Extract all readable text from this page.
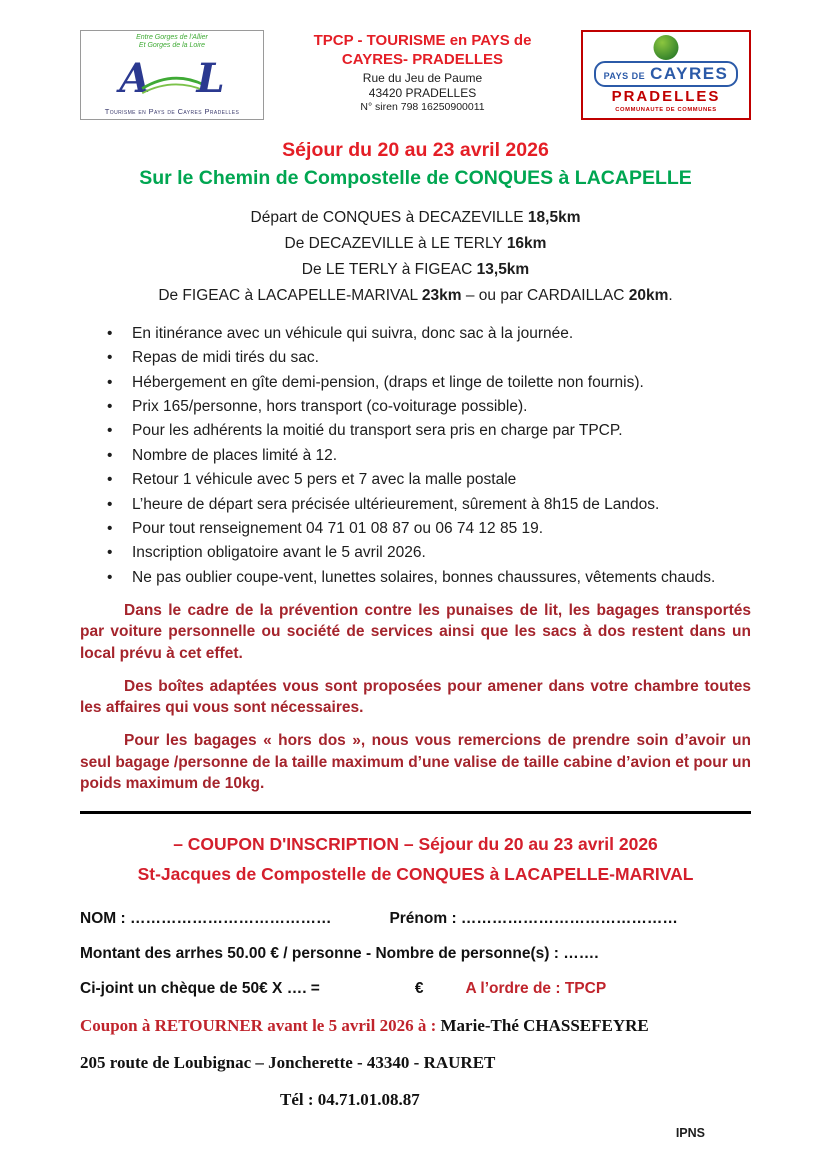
Entre Gorges de l'Allier
Et Gorges de la Loire
A L
Tourisme en Pays de Cayres Pradelles
TPCP - TOURISME en PAYS de
CAYRES- PRADELLES
Rue du Jeu de Paume
43420 PRADELLES
N° siren 798 16250900011
PAYS DE CAYRES
PRADELLES
COMMUNAUTE DE COMMUNES
Séjour du 20 au 23 avril 2026
Sur le Chemin de Compostelle de CONQUES à LACAPELLE
Départ de CONQUES à DECAZEVILLE 18,5km
De DECAZEVILLE à LE TERLY 16km
De LE TERLY à FIGEAC 13,5km
De FIGEAC à LACAPELLE-MARIVAL 23km – ou par CARDAILLAC 20km.
• En itinérance avec un véhicule qui suivra, donc sac à la journée.
• Repas de midi tirés du sac.
• Hébergement en gîte demi-pension, (draps et linge de toilette non fournis).
• Prix 165/personne, hors transport (co-voiturage possible).
• Pour les adhérents la moitié du transport sera pris en charge par TPCP.
• Nombre de places limité à 12.
• Retour 1 véhicule avec 5 pers et 7 avec la malle postale
• L’heure de départ sera précisée ultérieurement, sûrement à 8h15 de Landos.
• Pour tout renseignement 04 71 01 08 87 ou 06 74 12 85 19.
• Inscription obligatoire avant le 5 avril 2026.
• Ne pas oublier coupe-vent, lunettes solaires, bonnes chaussures, vêtements chauds.

Dans le cadre de la prévention contre les punaises de lit, les bagages transportés par voiture personnelle ou société de services ainsi que les sacs à dos restent dans un local prévu à cet effet.

Des boîtes adaptées vous sont proposées pour amener dans votre chambre toutes les affaires qui vous sont nécessaires.

Pour les bagages « hors dos », nous vous remercions de prendre soin d’avoir un seul bagage /personne de la taille maximum d’une valise de taille cabine d’avion et pour un poids maximum de 10kg.

– COUPON D'INSCRIPTION – Séjour du 20 au 23 avril 2026
St-Jacques de Compostelle de CONQUES à LACAPELLE-MARIVAL
NOM : …………………………………	Prénom : ……………………………………
Montant des arrhes 50.00 € / personne - Nombre de personne(s) : …….
Ci-joint un chèque de 50€ X …. =	€	A l’ordre de : TPCP
Coupon à RETOURNER avant le 5 avril 2026 à : Marie-Thé CHASSEFEYRE
205 route de Loubignac – Joncherette - 43340 - RAURET
Tél : 04.71.01.08.87
IPNS
